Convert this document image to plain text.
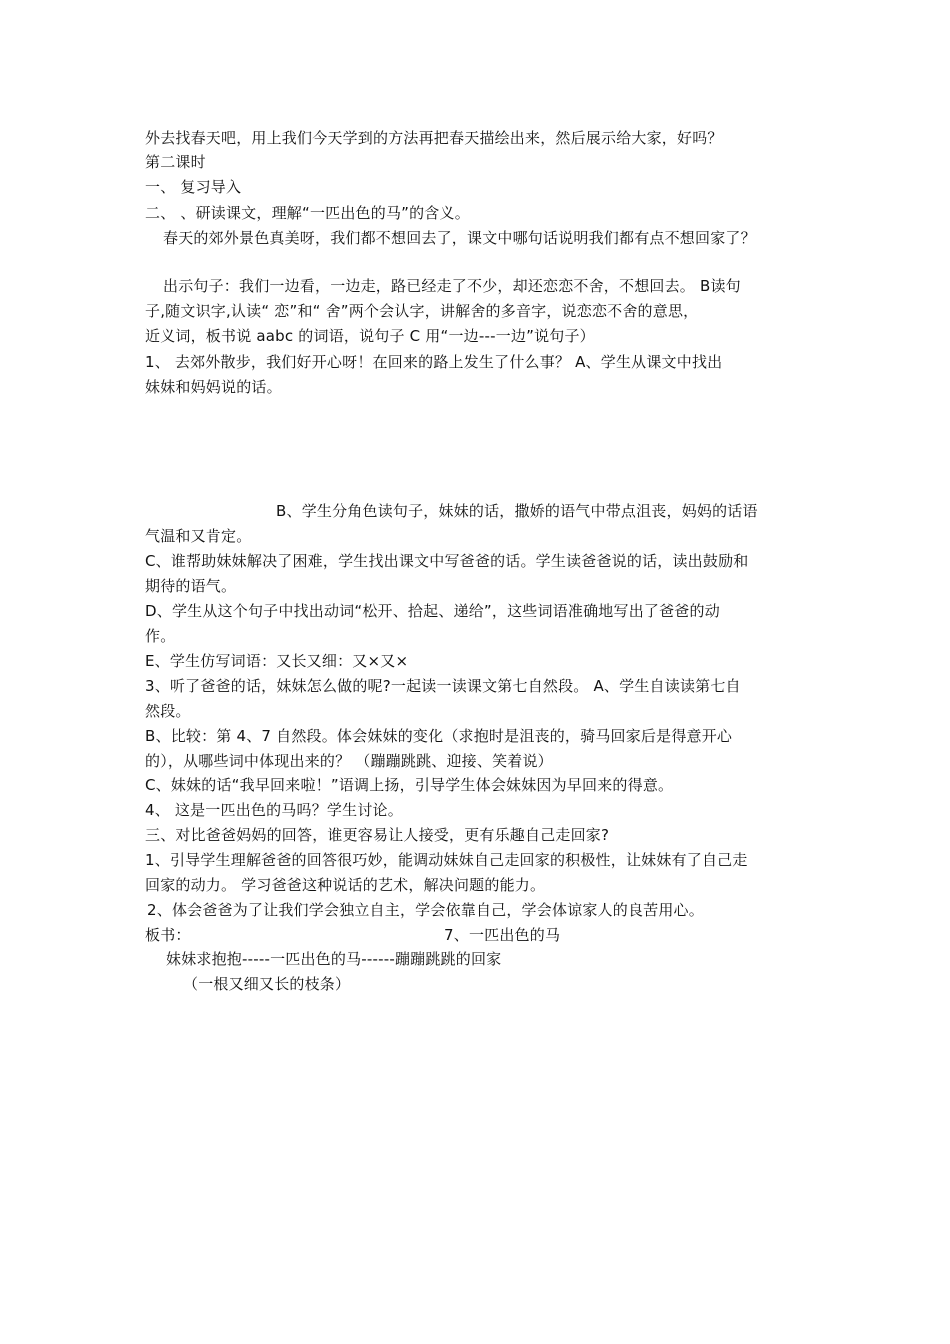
外去找春天吧，用上我们今天学到的方法再把春天描绘出来，然后展示给大家，好吗？
第二课时
一、 复习导入
二、 、研读课文，理解“一匹出色的马”的含义。
春天的郊外景色真美呀，我们都不想回去了，课文中哪句话说明我们都有点不想回家了？
出示句子：我们一边看，一边走，路已经走了不少，却还恋恋不舍，不想回去。 B读句
子,随文识字,认读“ 恋”和“ 舍”两个会认字，讲解舍的多音字，说恋恋不舍的意思，
近义词，板书说 aabc 的词语，说句子 C 用“一边---一边”说句子）
1、 去郊外散步，我们好开心呀！在回来的路上发生了什么事？ A、学生从课文中找出
妹妹和妈妈说的话。
B、学生分角色读句子，妹妹的话，撒娇的语气中带点沮丧，妈妈的话语
气温和又肯定。
C、谁帮助妹妹解决了困难，学生找出课文中写爸爸的话。学生读爸爸说的话，读出鼓励和
期待的语气。
D、学生从这个句子中找出动词“松开、拾起、递给”，这些词语准确地写出了爸爸的动
作。
E、学生仿写词语：又长又细：又×又×
3、听了爸爸的话，妹妹怎么做的呢?一起读一读课文第七自然段。 A、学生自读读第七自
然段。
B、比较：第 4、7 自然段。体会妹妹的变化（求抱时是沮丧的，骑马回家后是得意开心
的），从哪些词中体现出来的？ （蹦蹦跳跳、迎接、笑着说）
C、妹妹的话“我早回来啦！”语调上扬，引导学生体会妹妹因为早回来的得意。
4、 这是一匹出色的马吗？学生讨论。
三、对比爸爸妈妈的回答，谁更容易让人接受，更有乐趣自己走回家?
1、引导学生理解爸爸的回答很巧妙，能调动妹妹自己走回家的积极性，让妹妹有了自己走
回家的动力。 学习爸爸这种说话的艺术，解决问题的能力。
2、体会爸爸为了让我们学会独立自主，学会依靠自己，学会体谅家人的良苦用心。
板书：	7、一匹出色的马
妹妹求抱抱-----一匹出色的马------蹦蹦跳跳的回家
（一根又细又长的枝条）
